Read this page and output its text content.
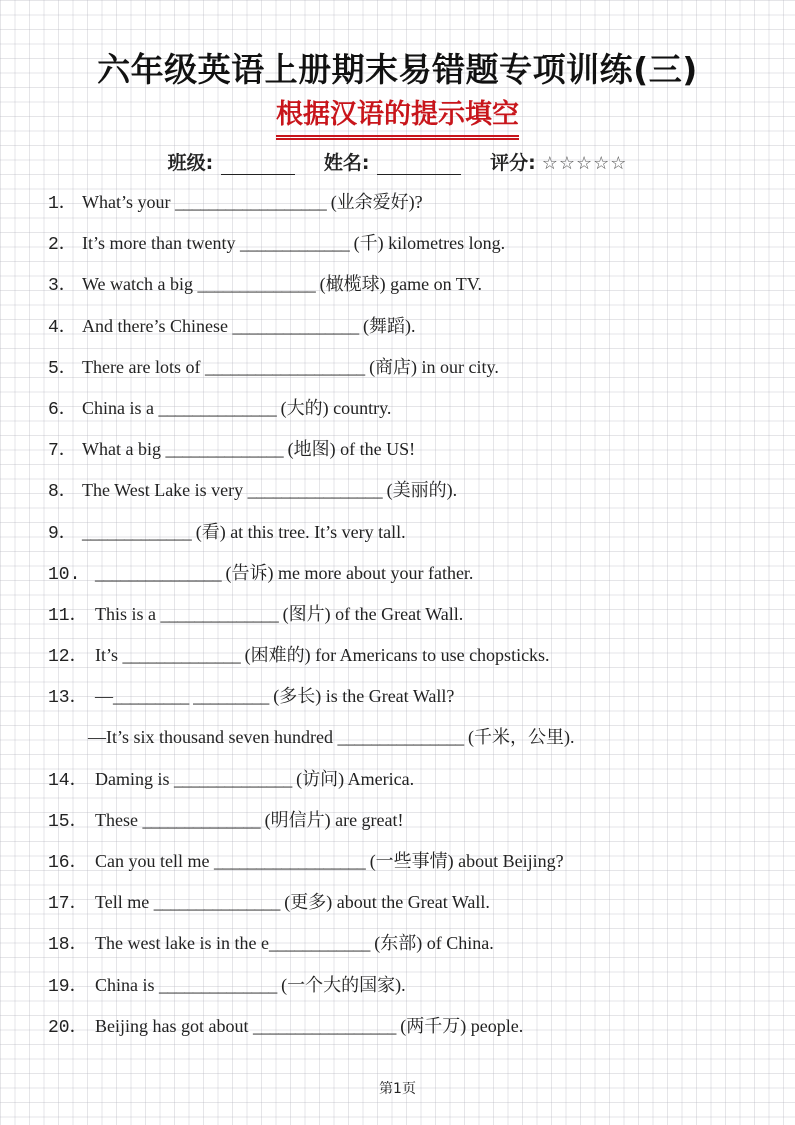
六年级英语上册期末易错题专项训练(三)
根据汉语的提示填空
班级:	姓名:	评分: ☆☆☆☆☆
1． What’s your __________________ (业余爱好)?
2． It’s more than twenty _____________ (千) kilometres long.
3． We watch a big ______________ (橄榄球) game on TV.
4． And there’s Chinese _______________ (舞蹈).
5． There are lots of ___________________ (商店) in our city.
6． China is a ______________ (大的) country.
7． What a big ______________ (地图) of the US!
8． The West Lake is very ________________ (美丽的).
9． _____________ (看) at this tree. It’s very tall.
10. _______________ (告诉) me more about your father.
11． This is a ______________ (图片) of the Great Wall.
12． It’s ______________ (困难的) for Americans to use chopsticks.
13． —_________ _________ (多长) is the Great Wall?
—It’s six thousand seven hundred _______________ (千米，公里).
14． Daming is ______________ (访问) America.
15． These ______________ (明信片) are great!
16． Can you tell me __________________ (一些事情) about Beijing?
17． Tell me _______________ (更多) about the Great Wall.
18． The west lake is in the e____________ (东部) of China.
19． China is ______________ (一个大的国家).
20． Beijing has got about _________________ (两千万) people.
第1页
